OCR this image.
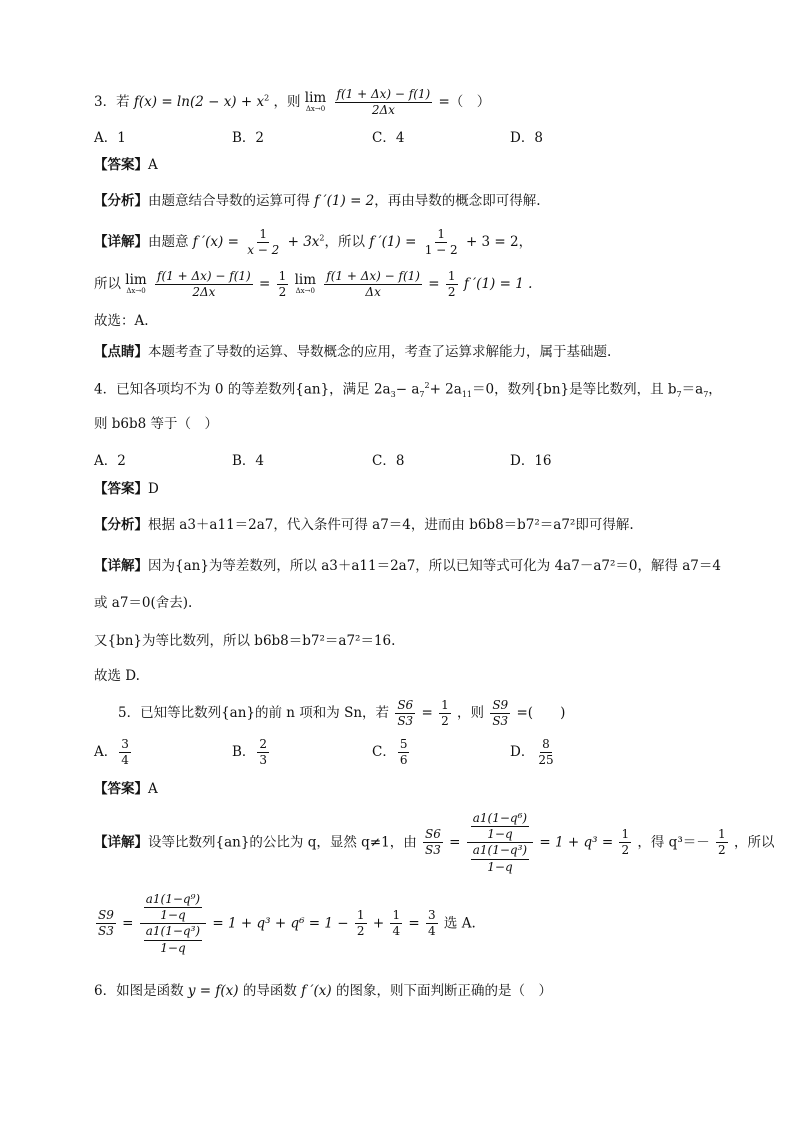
3．若 $f(x) = \ln(2 - x) + x^2$ ，则 lim
Δx→0
$\frac{f(1 + \Delta x) - f(1)}{2\Delta x}$ =（　）
A．1	B．2	C．4	D．8
【答案】A
【分析】由题意结合导数的运算可得 f ′(1) = 2，再由导数的概念即可得解.
【详解】由题意 f $'(x) = \frac{1}{x - 2} + 3x^2$，所以 f $'(1) = \frac{1}{1 - 2} + 3 = 2$，
所以 lim
Δx→0
$\frac{f(1 + \Delta x) - f(1)}{2\Delta x} = \frac{1}{2}$
lim
Δx→0
$\frac{f(1 + \Delta x) - f(1)}{\Delta x} = \frac{1}{2}$ f ′(1) = 1 .
故选：A.
【点睛】本题考查了导数的运算、导数概念的应用，考查了运算求解能力，属于基础题.
4．已知各项均不为 0 的等差数列{an}，满足 $2a_3- a_7^2+ 2a_{11}=0$，数列{bn}是等比数列，且 $b_7=a_7$，
则 b6b8 等于（　）
A．2	B．4	C．8	D．16
【答案】D
【分析】根据 a3＋a11＝2a7，代入条件可得 a7＝4，进而由 b6b8＝b7²＝a7²即可得解.
【详解】因为{an}为等差数列，所以 a3＋a11＝2a7，所以已知等式可化为 4a7－a7²＝0，解得 a7＝4
或 a7＝0(舍去).
又{bn}为等比数列，所以 b6b8＝b7²＝a7²＝16.
故选 D.
5．已知等比数列{an}的前 n 项和为 Sn，若 $\frac{S6}{S3} = \frac{1}{2}$ ，则 $\frac{S9}{S3}$ =(　　)
A． $\frac{3}{4}$	B． $\frac{2}{3}$	C． $\frac{5}{6}$	D． $\frac{8}{25}$
【答案】A
【详解】设等比数列{an}的公比为 q，显然 q≠1，由 $\frac{S6}{S3} = \frac{\frac{\text{a1(1−q⁶)}}{1-q}}{\frac{\text{a1(1−q³)}}{1-q}} = 1 + q^3 = \frac{1}{2}$ ，得 $q^3=- \frac{1}{2}$ ，所以
$\frac{S9}{S3} = \frac{\frac{\text{a1(1−q⁹)}}{1-q}}{\frac{\text{a1(1−q³)}}{1-q}} = 1 + q^3 + q^6 = 1 - \frac{1}{2} + \frac{1}{4} = \frac{3}{4}$ 选 A.
6．如图是函数 y = f(x) 的导函数 f ′(x) 的图象，则下面判断正确的是（　）
